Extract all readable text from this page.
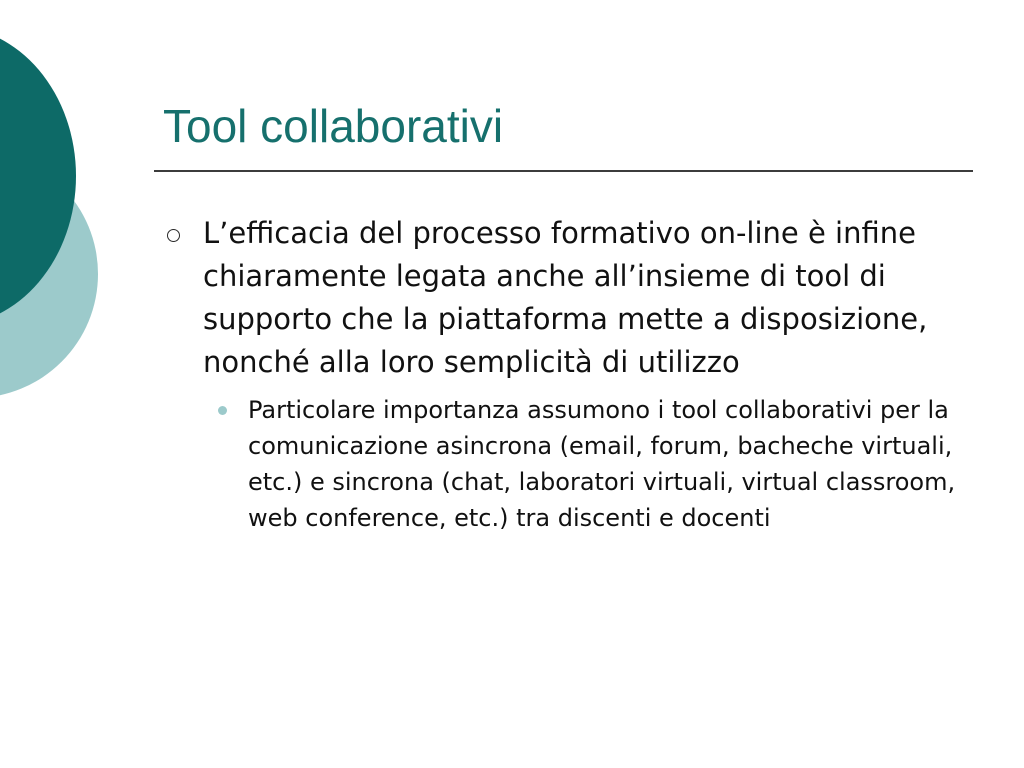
Tool collaborativi
L’efficacia del processo formativo on-line è infine chiaramente legata anche all’insieme di tool di supporto che la piattaforma mette a disposizione, nonché alla loro semplicità di utilizzo
Particolare importanza assumono i tool collaborativi per la comunicazione asincrona (email, forum, bacheche virtuali, etc.) e sincrona (chat, laboratori virtuali, virtual classroom, web conference, etc.) tra discenti e docenti
